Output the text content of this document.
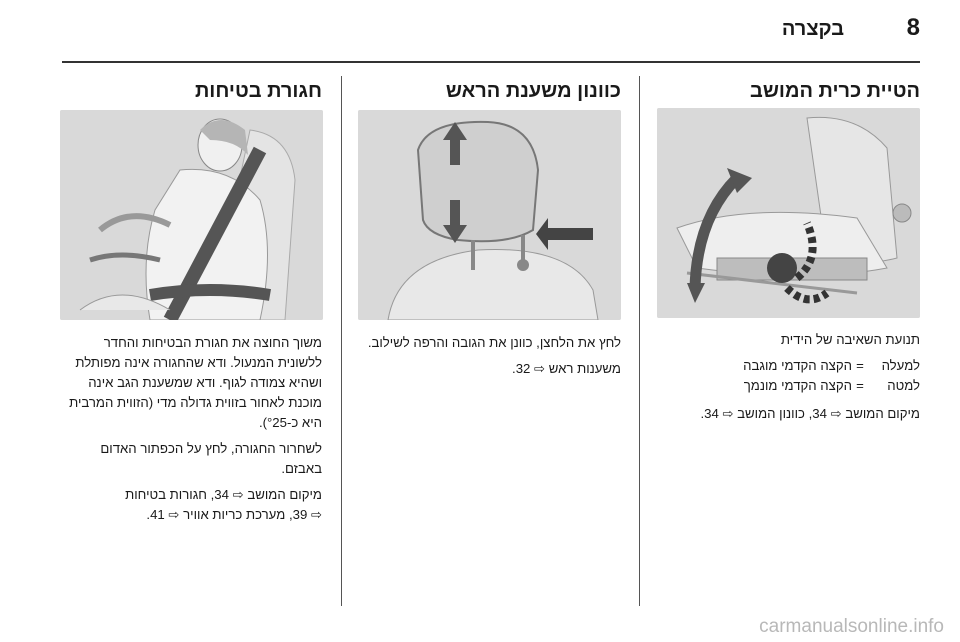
8
בקצרה
הטיית כרית המושב

תנועת השאיבה של הידית

למעלה
=
הקצה הקדמי מוגבה
למטה
=
הקצה הקדמי מונמך

מיקום המושב ⇨ 34, כוונון המושב ⇨ 34.

כוונון משענת הראש

לחץ את הלחצן, כוונן את הגובה והרפה לשילוב.

משענות ראש ⇨ 32.

חגורת בטיחות

משוך החוצה את חגורת הבטיחות והחדר ללשונית המנעול. ודא שהחגורה אינה מפותלת ושהיא צמודה לגוף. ודא שמשענת הגב אינה מוכנת לאחור בזווית גדולה מדי (הזווית המרבית היא כ-°25).

לשחרור החגורה, לחץ על הכפתור האדום באבזם.

מיקום המושב ⇨ 34, חגורות בטיחות

⇨ 39, מערכת כריות אוויר ⇨ 41.

carmanualsonline.info
